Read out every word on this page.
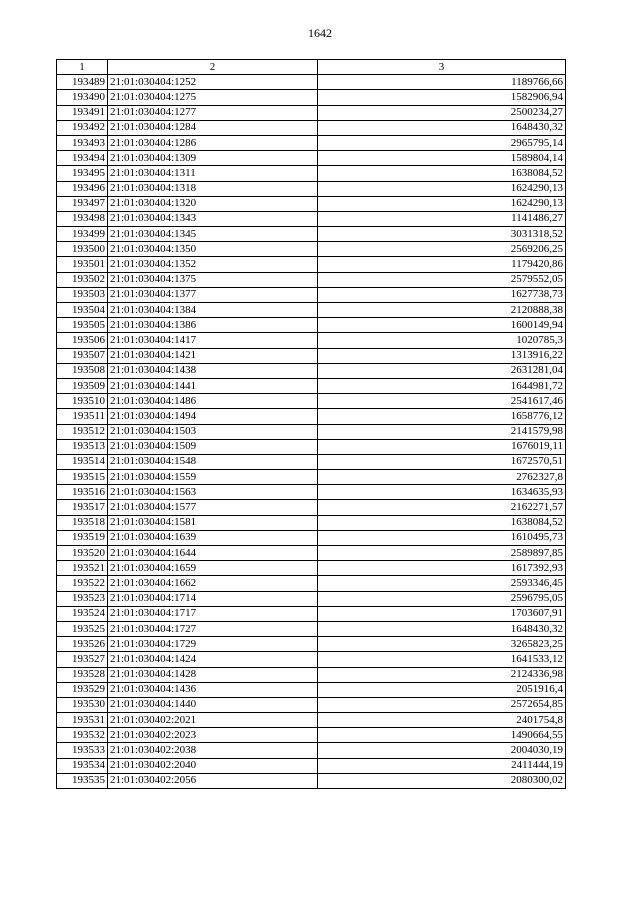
1642
1	2	3
193489	21:01:030404:1252	1189766,66
193490	21:01:030404:1275	1582906,94
193491	21:01:030404:1277	2500234,27
193492	21:01:030404:1284	1648430,32
193493	21:01:030404:1286	2965795,14
193494	21:01:030404:1309	1589804,14
193495	21:01:030404:1311	1638084,52
193496	21:01:030404:1318	1624290,13
193497	21:01:030404:1320	1624290,13
193498	21:01:030404:1343	1141486,27
193499	21:01:030404:1345	3031318,52
193500	21:01:030404:1350	2569206,25
193501	21:01:030404:1352	1179420,86
193502	21:01:030404:1375	2579552,05
193503	21:01:030404:1377	1627738,73
193504	21:01:030404:1384	2120888,38
193505	21:01:030404:1386	1600149,94
193506	21:01:030404:1417	1020785,3
193507	21:01:030404:1421	1313916,22
193508	21:01:030404:1438	2631281,04
193509	21:01:030404:1441	1644981,72
193510	21:01:030404:1486	2541617,46
193511	21:01:030404:1494	1658776,12
193512	21:01:030404:1503	2141579,98
193513	21:01:030404:1509	1676019,11
193514	21:01:030404:1548	1672570,51
193515	21:01:030404:1559	2762327,8
193516	21:01:030404:1563	1634635,93
193517	21:01:030404:1577	2162271,57
193518	21:01:030404:1581	1638084,52
193519	21:01:030404:1639	1610495,73
193520	21:01:030404:1644	2589897,85
193521	21:01:030404:1659	1617392,93
193522	21:01:030404:1662	2593346,45
193523	21:01:030404:1714	2596795,05
193524	21:01:030404:1717	1703607,91
193525	21:01:030404:1727	1648430,32
193526	21:01:030404:1729	3265823,25
193527	21:01:030404:1424	1641533,12
193528	21:01:030404:1428	2124336,98
193529	21:01:030404:1436	2051916,4
193530	21:01:030404:1440	2572654,85
193531	21:01:030402:2021	2401754,8
193532	21:01:030402:2023	1490664,55
193533	21:01:030402:2038	2004030,19
193534	21:01:030402:2040	2411444,19
193535	21:01:030402:2056	2080300,02
